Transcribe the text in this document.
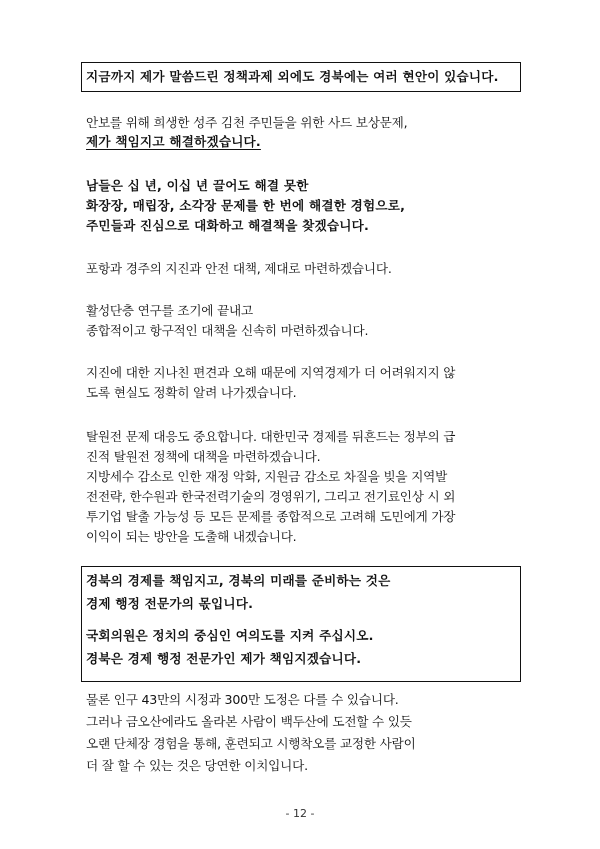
지금까지 제가 말씀드린 정책과제 외에도 경북에는 여러 현안이 있습니다.
안보를 위해 희생한 성주 김천 주민들을 위한 사드 보상문제,
제가 책임지고 해결하겠습니다.
남들은 십 년, 이십 년 끌어도 해결 못한
화장장, 매립장, 소각장 문제를 한 번에 해결한 경험으로,
주민들과 진심으로 대화하고 해결책을 찾겠습니다.
포항과 경주의 지진과 안전 대책, 제대로 마련하겠습니다.
활성단층 연구를 조기에 끝내고
종합적이고 항구적인 대책을 신속히 마련하겠습니다.
지진에 대한 지나친 편견과 오해 때문에 지역경제가 더 어려워지지 않
도록 현실도 정확히 알려 나가겠습니다.
탈원전 문제 대응도 중요합니다. 대한민국 경제를 뒤흔드는 정부의 급
진적 탈원전 정책에 대책을 마련하겠습니다.
지방세수 감소로 인한 재정 악화, 지원금 감소로 차질을 빚을 지역발
전전략, 한수원과 한국전력기술의 경영위기, 그리고 전기료인상 시 외
투기업 탈출 가능성 등 모든 문제를 종합적으로 고려해 도민에게 가장
이익이 되는 방안을 도출해 내겠습니다.
경북의 경제를 책임지고, 경북의 미래를 준비하는 것은
경제 행정 전문가의 몫입니다.
국회의원은 정치의 중심인 여의도를 지켜 주십시오.
경북은 경제 행정 전문가인 제가 책임지겠습니다.
물론 인구 43만의 시정과 300만 도정은 다를 수 있습니다.
그러나 금오산에라도 올라본 사람이 백두산에 도전할 수 있듯
오랜 단체장 경험을 통해, 훈련되고 시행착오를 교정한 사람이
더 잘 할 수 있는 것은 당연한 이치입니다.
- 12 -
